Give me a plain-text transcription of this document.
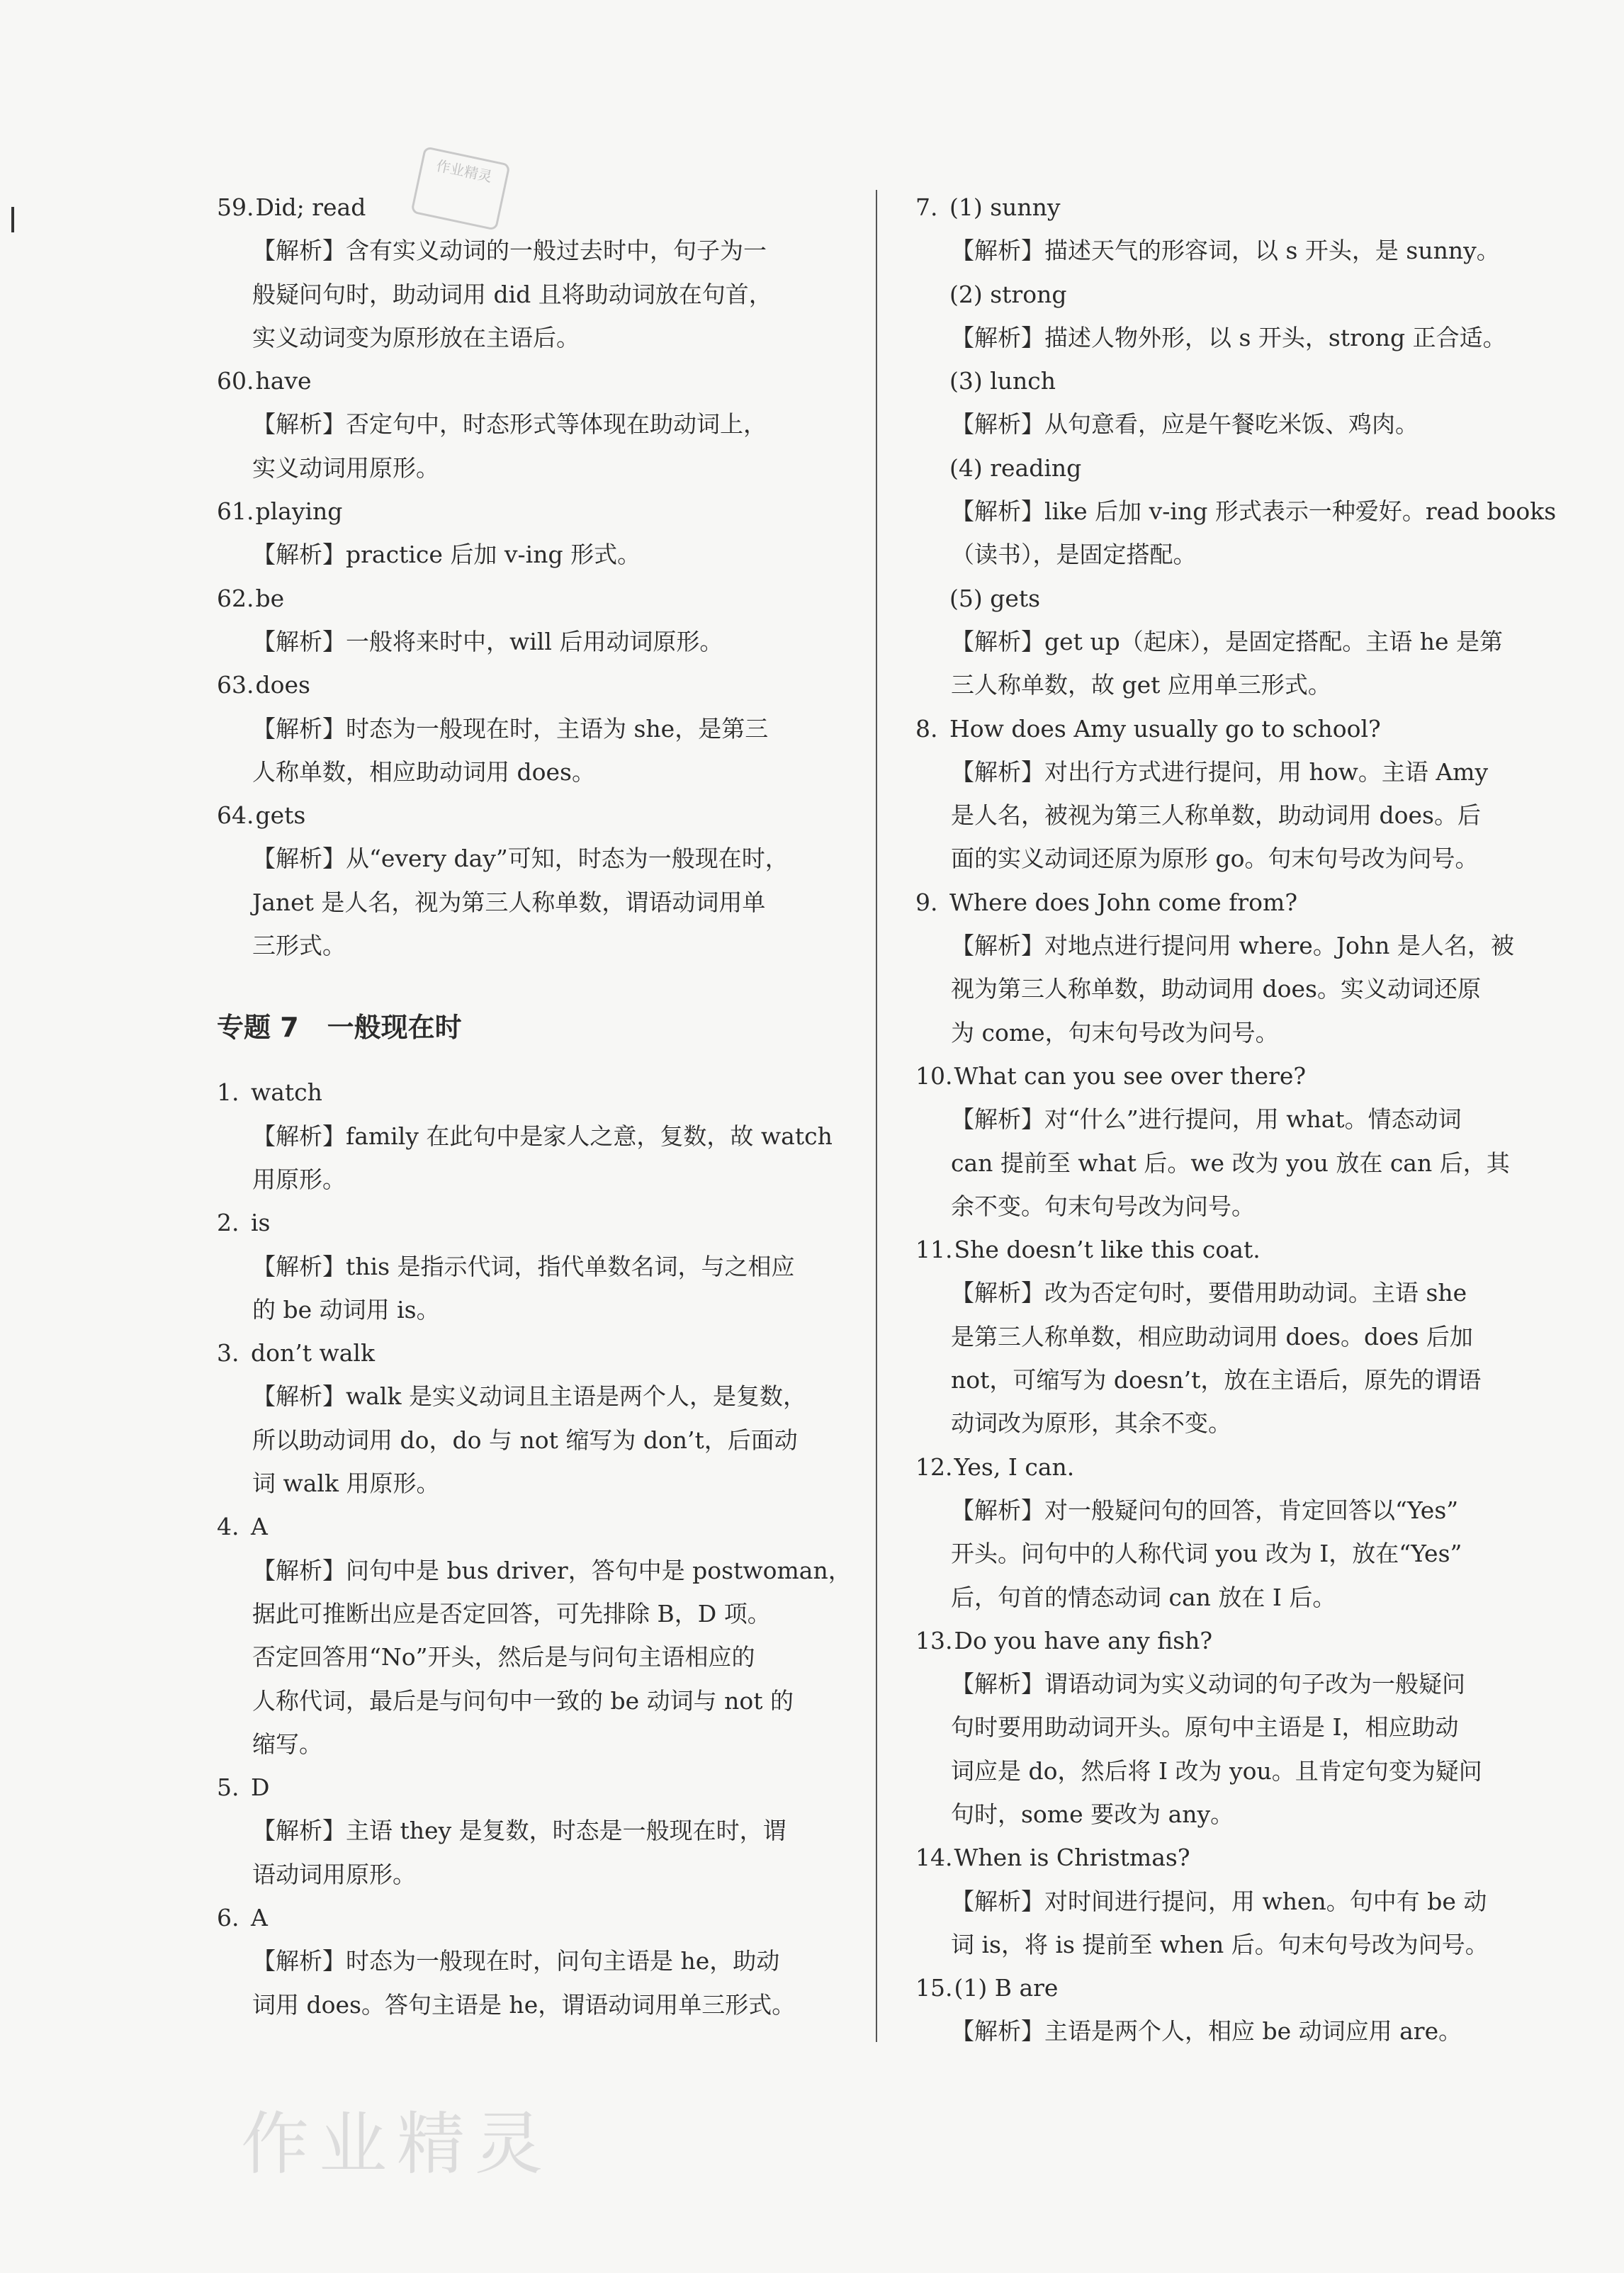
作业精灵
作业精灵
59.Did; read
【解析】含有实义动词的一般过去时中，句子为一
般疑问句时，助动词用 did 且将助动词放在句首，
实义动词变为原形放在主语后。
60.have
【解析】否定句中，时态形式等体现在助动词上，
实义动词用原形。
61.playing
【解析】practice 后加 v-ing 形式。
62.be
【解析】一般将来时中，will 后用动词原形。
63.does
【解析】时态为一般现在时，主语为 she，是第三
人称单数，相应助动词用 does。
64.gets
【解析】从“every day”可知，时态为一般现在时，
Janet 是人名，视为第三人称单数，谓语动词用单
三形式。
专题 7 一般现在时
1. watch
【解析】family 在此句中是家人之意，复数，故 watch
用原形。
2. is
【解析】this 是指示代词，指代单数名词，与之相应
的 be 动词用 is。
3. don’t walk
【解析】walk 是实义动词且主语是两个人，是复数，
所以助动词用 do，do 与 not 缩写为 don’t，后面动
词 walk 用原形。
4. A
【解析】问句中是 bus driver，答句中是 postwoman，
据此可推断出应是否定回答，可先排除 B，D 项。
否定回答用“No”开头，然后是与问句主语相应的
人称代词，最后是与问句中一致的 be 动词与 not 的
缩写。
5. D
【解析】主语 they 是复数，时态是一般现在时，谓
语动词用原形。
6. A
【解析】时态为一般现在时，问句主语是 he，助动
词用 does。答句主语是 he，谓语动词用单三形式。
7. (1) sunny
【解析】描述天气的形容词，以 s 开头，是 sunny。
(2) strong
【解析】描述人物外形，以 s 开头，strong 正合适。
(3) lunch
【解析】从句意看，应是午餐吃米饭、鸡肉。
(4) reading
【解析】like 后加 v-ing 形式表示一种爱好。read books
（读书），是固定搭配。
(5) gets
【解析】get up（起床），是固定搭配。主语 he 是第
三人称单数，故 get 应用单三形式。
8. How does Amy usually go to school?
【解析】对出行方式进行提问，用 how。主语 Amy
是人名，被视为第三人称单数，助动词用 does。后
面的实义动词还原为原形 go。句末句号改为问号。
9. Where does John come from?
【解析】对地点进行提问用 where。John 是人名，被
视为第三人称单数，助动词用 does。实义动词还原
为 come，句末句号改为问号。
10.What can you see over there?
【解析】对“什么”进行提问，用 what。情态动词
can 提前至 what 后。we 改为 you 放在 can 后，其
余不变。句末句号改为问号。
11.She doesn’t like this coat.
【解析】改为否定句时，要借用助动词。主语 she
是第三人称单数，相应助动词用 does。does 后加
not，可缩写为 doesn’t，放在主语后，原先的谓语
动词改为原形，其余不变。
12.Yes, I can.
【解析】对一般疑问句的回答，肯定回答以“Yes”
开头。问句中的人称代词 you 改为 I，放在“Yes”
后，句首的情态动词 can 放在 I 后。
13.Do you have any fish?
【解析】谓语动词为实义动词的句子改为一般疑问
句时要用助动词开头。原句中主语是 I，相应助动
词应是 do，然后将 I 改为 you。且肯定句变为疑问
句时，some 要改为 any。
14.When is Christmas?
【解析】对时间进行提问，用 when。句中有 be 动
词 is，将 is 提前至 when 后。句末句号改为问号。
15.(1) B are
【解析】主语是两个人，相应 be 动词应用 are。
